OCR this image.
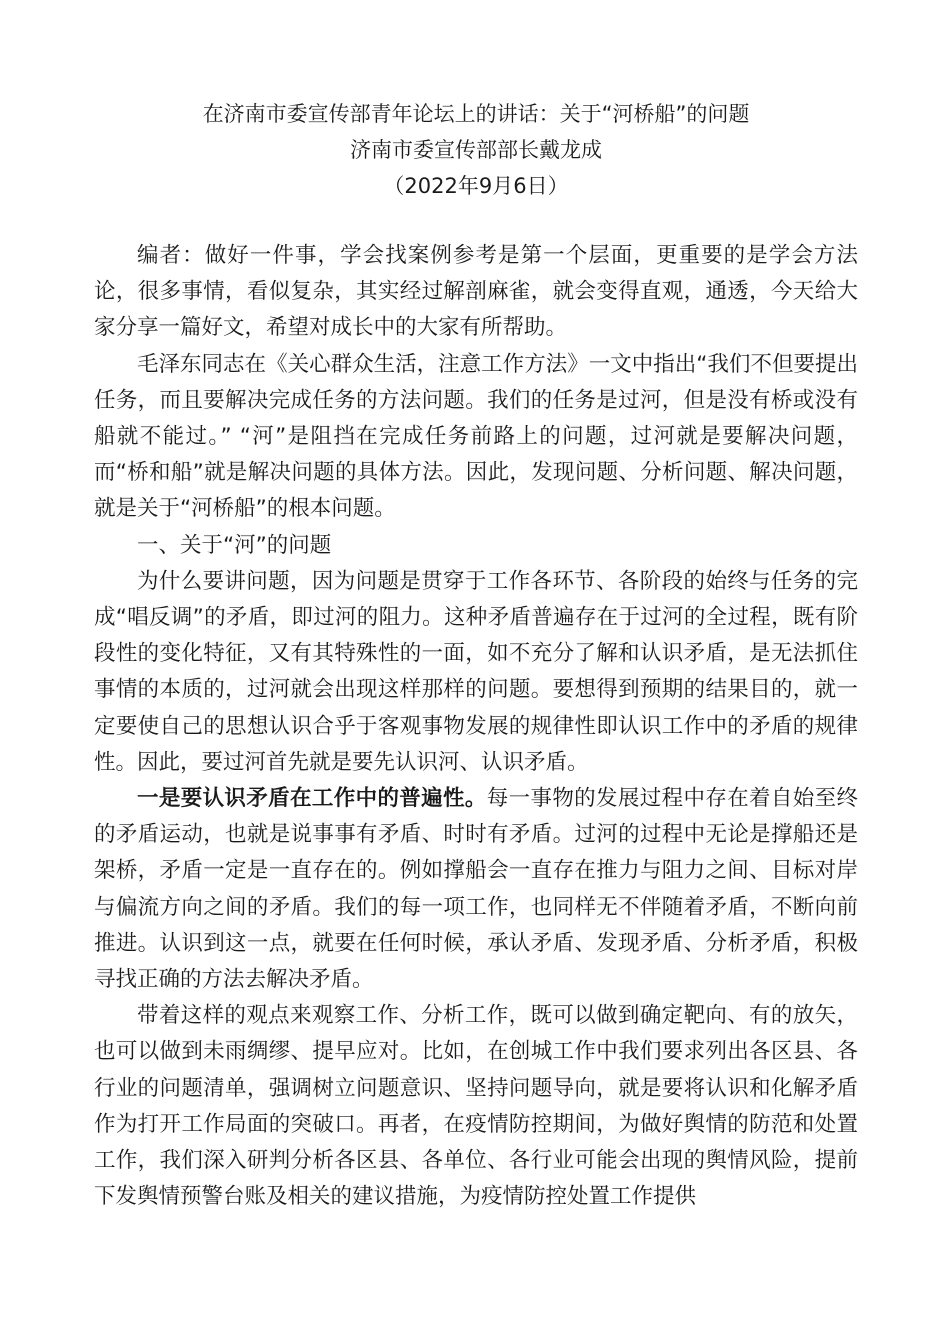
在济南市委宣传部青年论坛上的讲话：关于“河桥船”的问题
济南市委宣传部部长戴龙成
（2022年9月6日）

编者：做好一件事，学会找案例参考是第一个层面，更重要的是学会方法论，很多事情，看似复杂，其实经过解剖麻雀，就会变得直观，通透，今天给大家分享一篇好文，希望对成长中的大家有所帮助。

毛泽东同志在《关心群众生活，注意工作方法》一文中指出“我们不但要提出任务，而且要解决完成任务的方法问题。我们的任务是过河，但是没有桥或没有船就不能过。” “河”是阻挡在完成任务前路上的问题，过河就是要解决问题，而“桥和船”就是解决问题的具体方法。因此，发现问题、分析问题、解决问题，就是关于“河桥船”的根本问题。

一、关于“河”的问题

为什么要讲问题，因为问题是贯穿于工作各环节、各阶段的始终与任务的完成“唱反调”的矛盾，即过河的阻力。这种矛盾普遍存在于过河的全过程，既有阶段性的变化特征，又有其特殊性的一面，如不充分了解和认识矛盾，是无法抓住事情的本质的，过河就会出现这样那样的问题。要想得到预期的结果目的，就一定要使自己的思想认识合乎于客观事物发展的规律性即认识工作中的矛盾的规律性。因此，要过河首先就是要先认识河、认识矛盾。

一是要认识矛盾在工作中的普遍性。每一事物的发展过程中存在着自始至终的矛盾运动，也就是说事事有矛盾、时时有矛盾。过河的过程中无论是撑船还是架桥，矛盾一定是一直存在的。例如撑船会一直存在推力与阻力之间、目标对岸与偏流方向之间的矛盾。我们的每一项工作，也同样无不伴随着矛盾，不断向前推进。认识到这一点，就要在任何时候，承认矛盾、发现矛盾、分析矛盾，积极寻找正确的方法去解决矛盾。

带着这样的观点来观察工作、分析工作，既可以做到确定靶向、有的放矢，也可以做到未雨绸缪、提早应对。比如，在创城工作中我们要求列出各区县、各行业的问题清单，强调树立问题意识、坚持问题导向，就是要将认识和化解矛盾作为打开工作局面的突破口。再者，在疫情防控期间，为做好舆情的防范和处置工作，我们深入研判分析各区县、各单位、各行业可能会出现的舆情风险，提前下发舆情预警台账及相关的建议措施，为疫情防控处置工作提供
